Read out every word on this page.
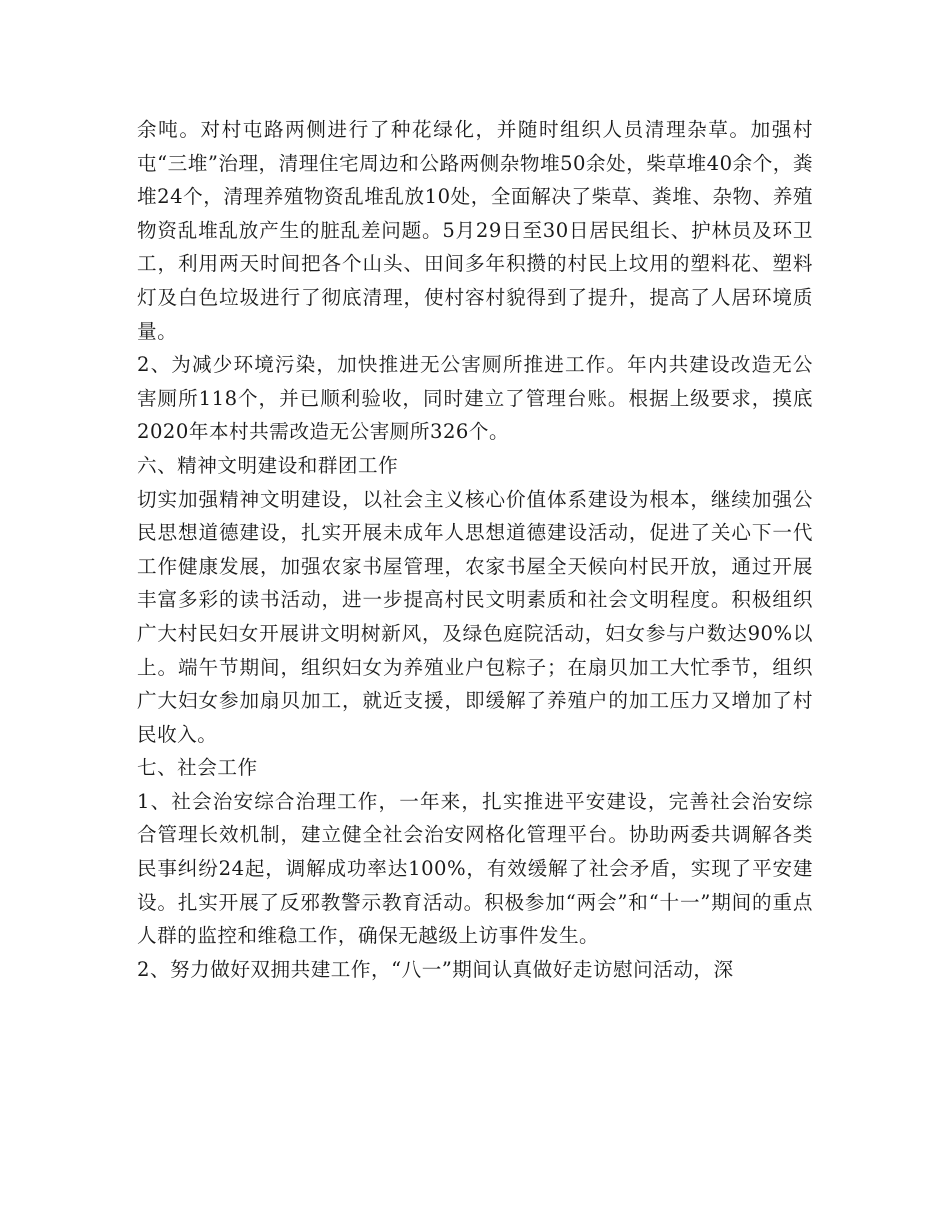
余吨。对村屯路两侧进行了种花绿化，并随时组织人员清理杂草。加强村屯“三堆”治理，清理住宅周边和公路两侧杂物堆50余处，柴草堆40余个，粪堆24个，清理养殖物资乱堆乱放10处，全面解决了柴草、粪堆、杂物、养殖物资乱堆乱放产生的脏乱差问题。5月29日至30日居民组长、护林员及环卫工，利用两天时间把各个山头、田间多年积攒的村民上坟用的塑料花、塑料灯及白色垃圾进行了彻底清理，使村容村貌得到了提升，提高了人居环境质量。

2、为减少环境污染，加快推进无公害厕所推进工作。年内共建设改造无公害厕所118个，并已顺利验收，同时建立了管理台账。根据上级要求，摸底2020年本村共需改造无公害厕所326个。

六、精神文明建设和群团工作

切实加强精神文明建设，以社会主义核心价值体系建设为根本，继续加强公民思想道德建设，扎实开展未成年人思想道德建设活动，促进了关心下一代工作健康发展，加强农家书屋管理，农家书屋全天候向村民开放，通过开展丰富多彩的读书活动，进一步提高村民文明素质和社会文明程度。积极组织广大村民妇女开展讲文明树新风，及绿色庭院活动，妇女参与户数达90%以上。端午节期间，组织妇女为养殖业户包粽子；在扇贝加工大忙季节，组织广大妇女参加扇贝加工，就近支援，即缓解了养殖户的加工压力又增加了村民收入。

七、社会工作

1、社会治安综合治理工作，一年来，扎实推进平安建设，完善社会治安综合管理长效机制，建立健全社会治安网格化管理平台。协助两委共调解各类民事纠纷24起，调解成功率达100%，有效缓解了社会矛盾，实现了平安建设。扎实开展了反邪教警示教育活动。积极参加“两会”和“十一”期间的重点人群的监控和维稳工作，确保无越级上访事件发生。

2、努力做好双拥共建工作，“八一”期间认真做好走访慰问活动，深
